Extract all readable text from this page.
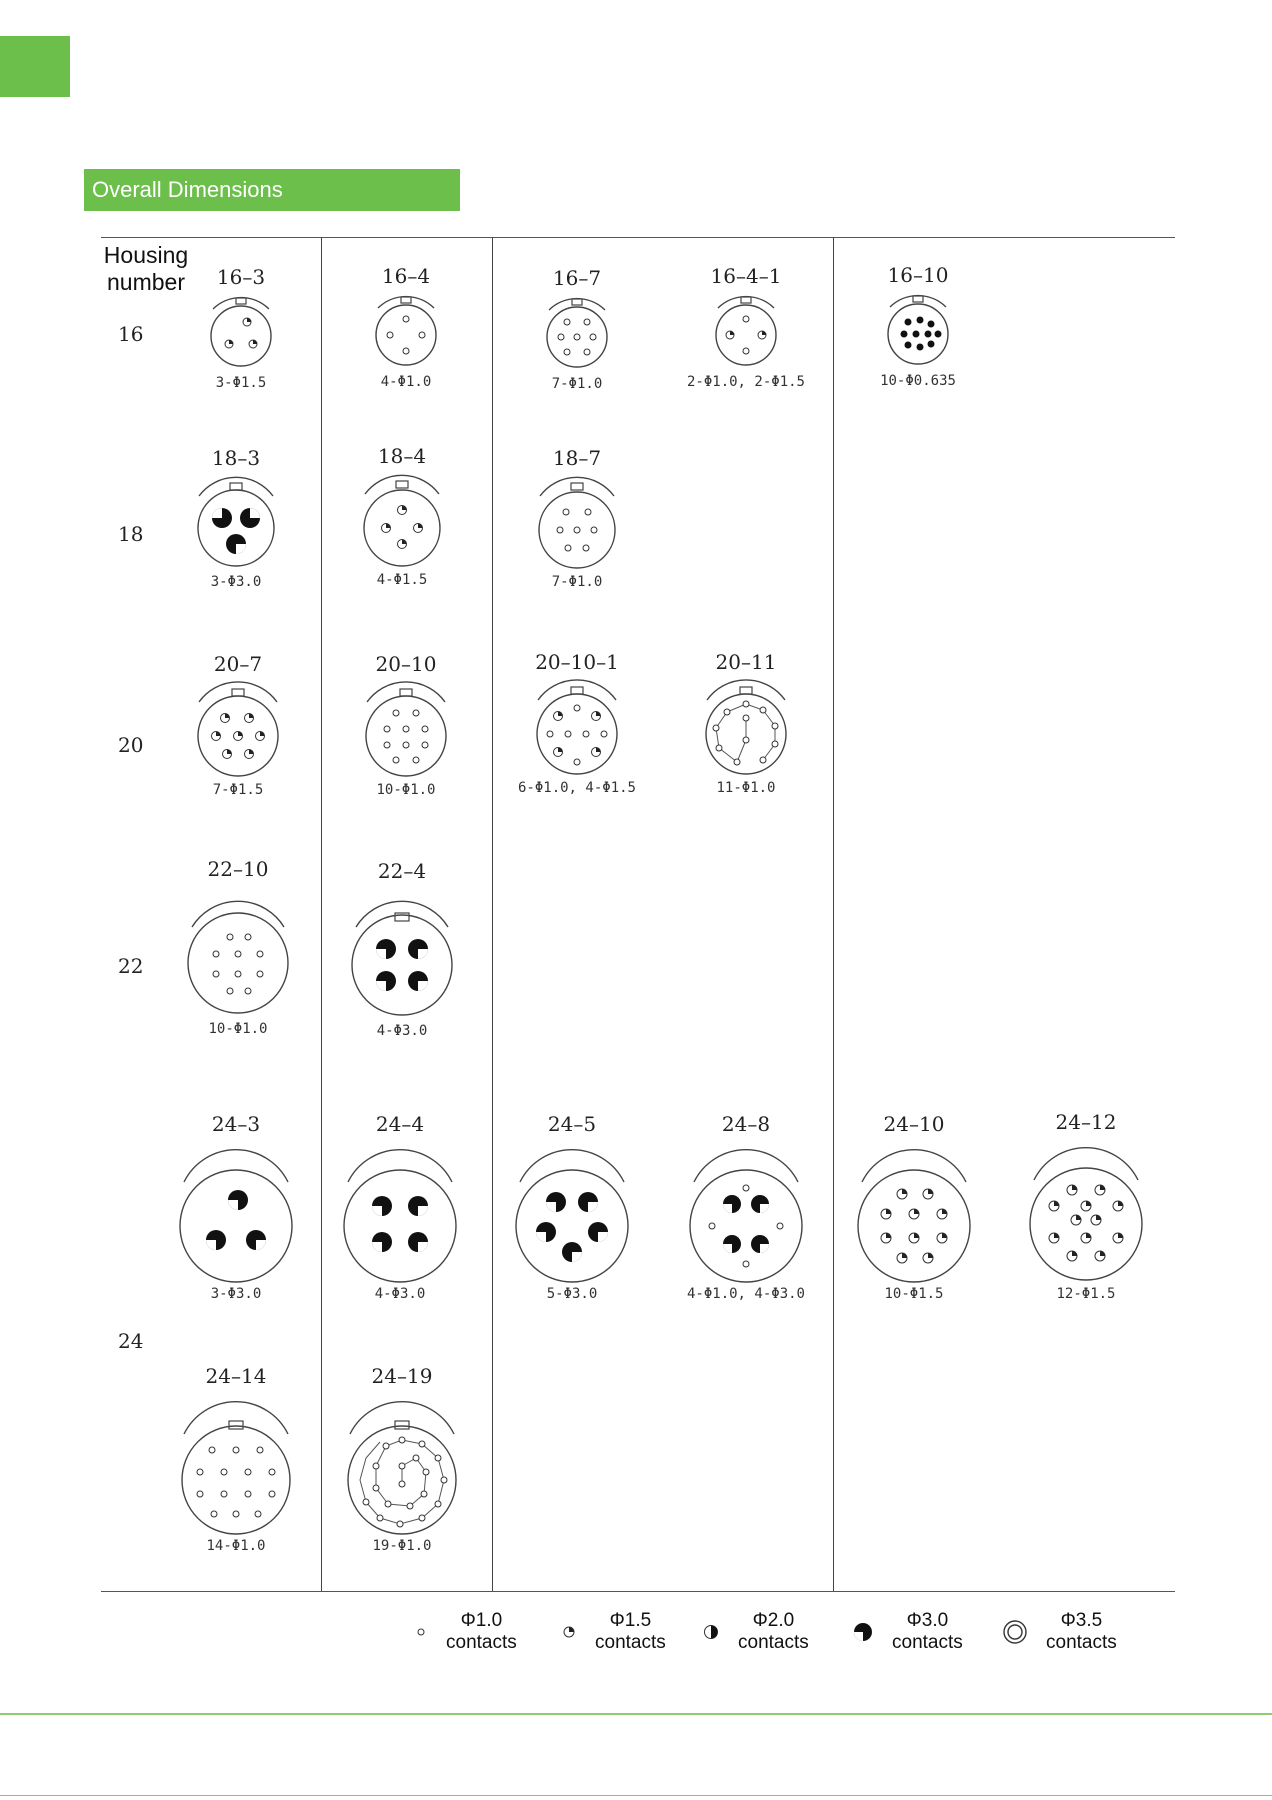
Overall Dimensions
Housing number
16
18
20
22
24
16–3
3-Φ1.5
16–4
4-Φ1.0
16–7
7-Φ1.0
16–4–1
2-Φ1.0, 2-Φ1.5
16–10
10-Φ0.635
18–3
3-Φ3.0
18–4
4-Φ1.5
18–7
7-Φ1.0
20–7
7-Φ1.5
20–10
10-Φ1.0
20–10–1
6-Φ1.0, 4-Φ1.5
20–11
11-Φ1.0
22–10
10-Φ1.0
22–4
4-Φ3.0
24–3
3-Φ3.0
24–4
4-Φ3.0
24–5
5-Φ3.0
24–8
4-Φ1.0, 4-Φ3.0
24–10
10-Φ1.5
24–12
12-Φ1.5
24–14
14-Φ1.0
24–19
19-Φ1.0
Φ1.0
contacts
Φ1.5
contacts
Φ2.0
contacts
Φ3.0
contacts
Φ3.5
contacts
